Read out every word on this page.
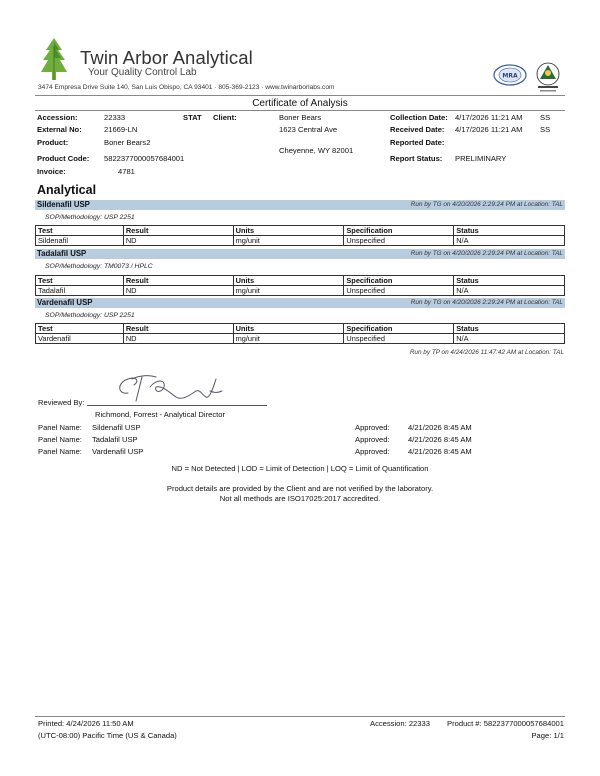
Twin Arbor Analytical
Your Quality Control Lab
3474 Empresa Drive Suite 140, San Luis Obispo, CA 93401 · 805-369-2123 · www.twinarborlabs.com
MRA
Certificate of Analysis
Accession:	22333	STAT Client:	Boner Bears	Collection Date: 4/17/2026 11:21 AM SS
External No:	21669-LN	1623 Central Ave	Received Date: 4/17/2026 11:21 AM SS
Product:	Boner Bears2	Reported Date:
Cheyenne, WY 82001
Product Code: 5822377000057684001	Report Status: PRELIMINARY
Invoice:	4781
Analytical
Sildenafil USP	Run by TG on 4/20/2026 2:29:24 PM at Location: TAL
SOP/Methodology: USP 2251
Test	Result	Units	Specification	Status
Sildenafil	ND	mg/unit	Unspecified	N/A
Tadalafil USP	Run by TG on 4/20/2026 2:29:24 PM at Location: TAL
SOP/Methodology: TM0073 / HPLC
Test	Result	Units	Specification	Status
Tadalafil	ND	mg/unit	Unspecified	N/A
Vardenafil USP	Run by TG on 4/20/2026 2:29:24 PM at Location: TAL
SOP/Methodology: USP 2251
Test	Result	Units	Specification	Status
Vardenafil	ND	mg/unit	Unspecified	N/A
Run by TP on 4/24/2026 11:47:42 AM at Location: TAL
Reviewed By:
Richmond, Forrest - Analytical Director
Panel Name: Sildenafil USP	Approved: 4/21/2026 8:45 AM
Panel Name: Tadalafil USP	Approved: 4/21/2026 8:45 AM
Panel Name: Vardenafil USP	Approved: 4/21/2026 8:45 AM
ND = Not Detected | LOD = Limit of Detection | LOQ = Limit of Quantification
Product details are provided by the Client and are not verified by the laboratory.
Not all methods are ISO17025:2017 accredited.
Printed: 4/24/2026 11:50 AM
(UTC-08:00) Pacific Time (US & Canada)
Accession: 22333 Product #: 5822377000057684001
Page: 1/1
